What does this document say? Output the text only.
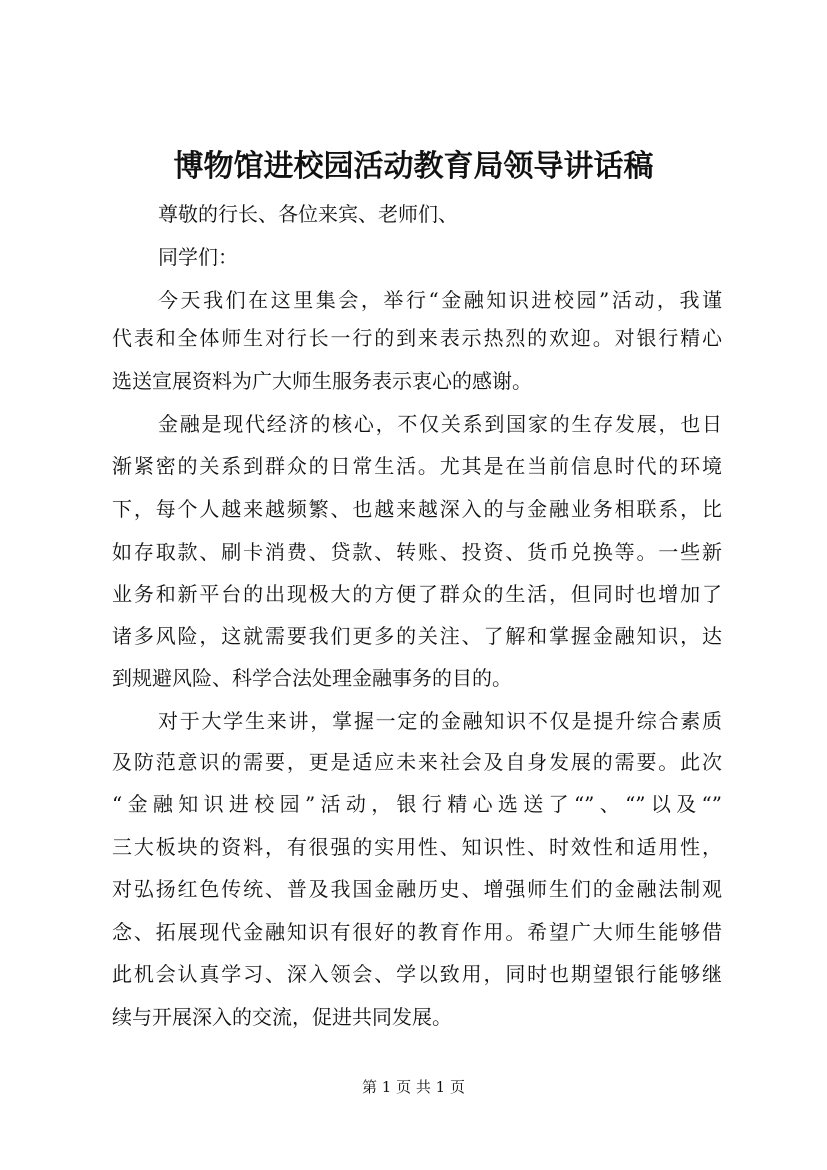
博物馆进校园活动教育局领导讲话稿
尊敬的行长、各位来宾、老师们、
同学们：
今天我们在这里集会，举行“金融知识进校园”活动，我谨
代表和全体师生对行长一行的到来表示热烈的欢迎。对银行精心
选送宣展资料为广大师生服务表示衷心的感谢。
金融是现代经济的核心，不仅关系到国家的生存发展，也日
渐紧密的关系到群众的日常生活。尤其是在当前信息时代的环境
下，每个人越来越频繁、也越来越深入的与金融业务相联系，比
如存取款、刷卡消费、贷款、转账、投资、货币兑换等。一些新
业务和新平台的出现极大的方便了群众的生活，但同时也增加了
诸多风险，这就需要我们更多的关注、了解和掌握金融知识，达
到规避风险、科学合法处理金融事务的目的。
对于大学生来讲，掌握一定的金融知识不仅是提升综合素质
及防范意识的需要，更是适应未来社会及自身发展的需要。此次
“金融知识进校园”活动，银行精心选送了“”、“”以及“”
三大板块的资料，有很强的实用性、知识性、时效性和适用性，
对弘扬红色传统、普及我国金融历史、增强师生们的金融法制观
念、拓展现代金融知识有很好的教育作用。希望广大师生能够借
此机会认真学习、深入领会、学以致用，同时也期望银行能够继
续与开展深入的交流，促进共同发展。
第 1 页 共 1 页
